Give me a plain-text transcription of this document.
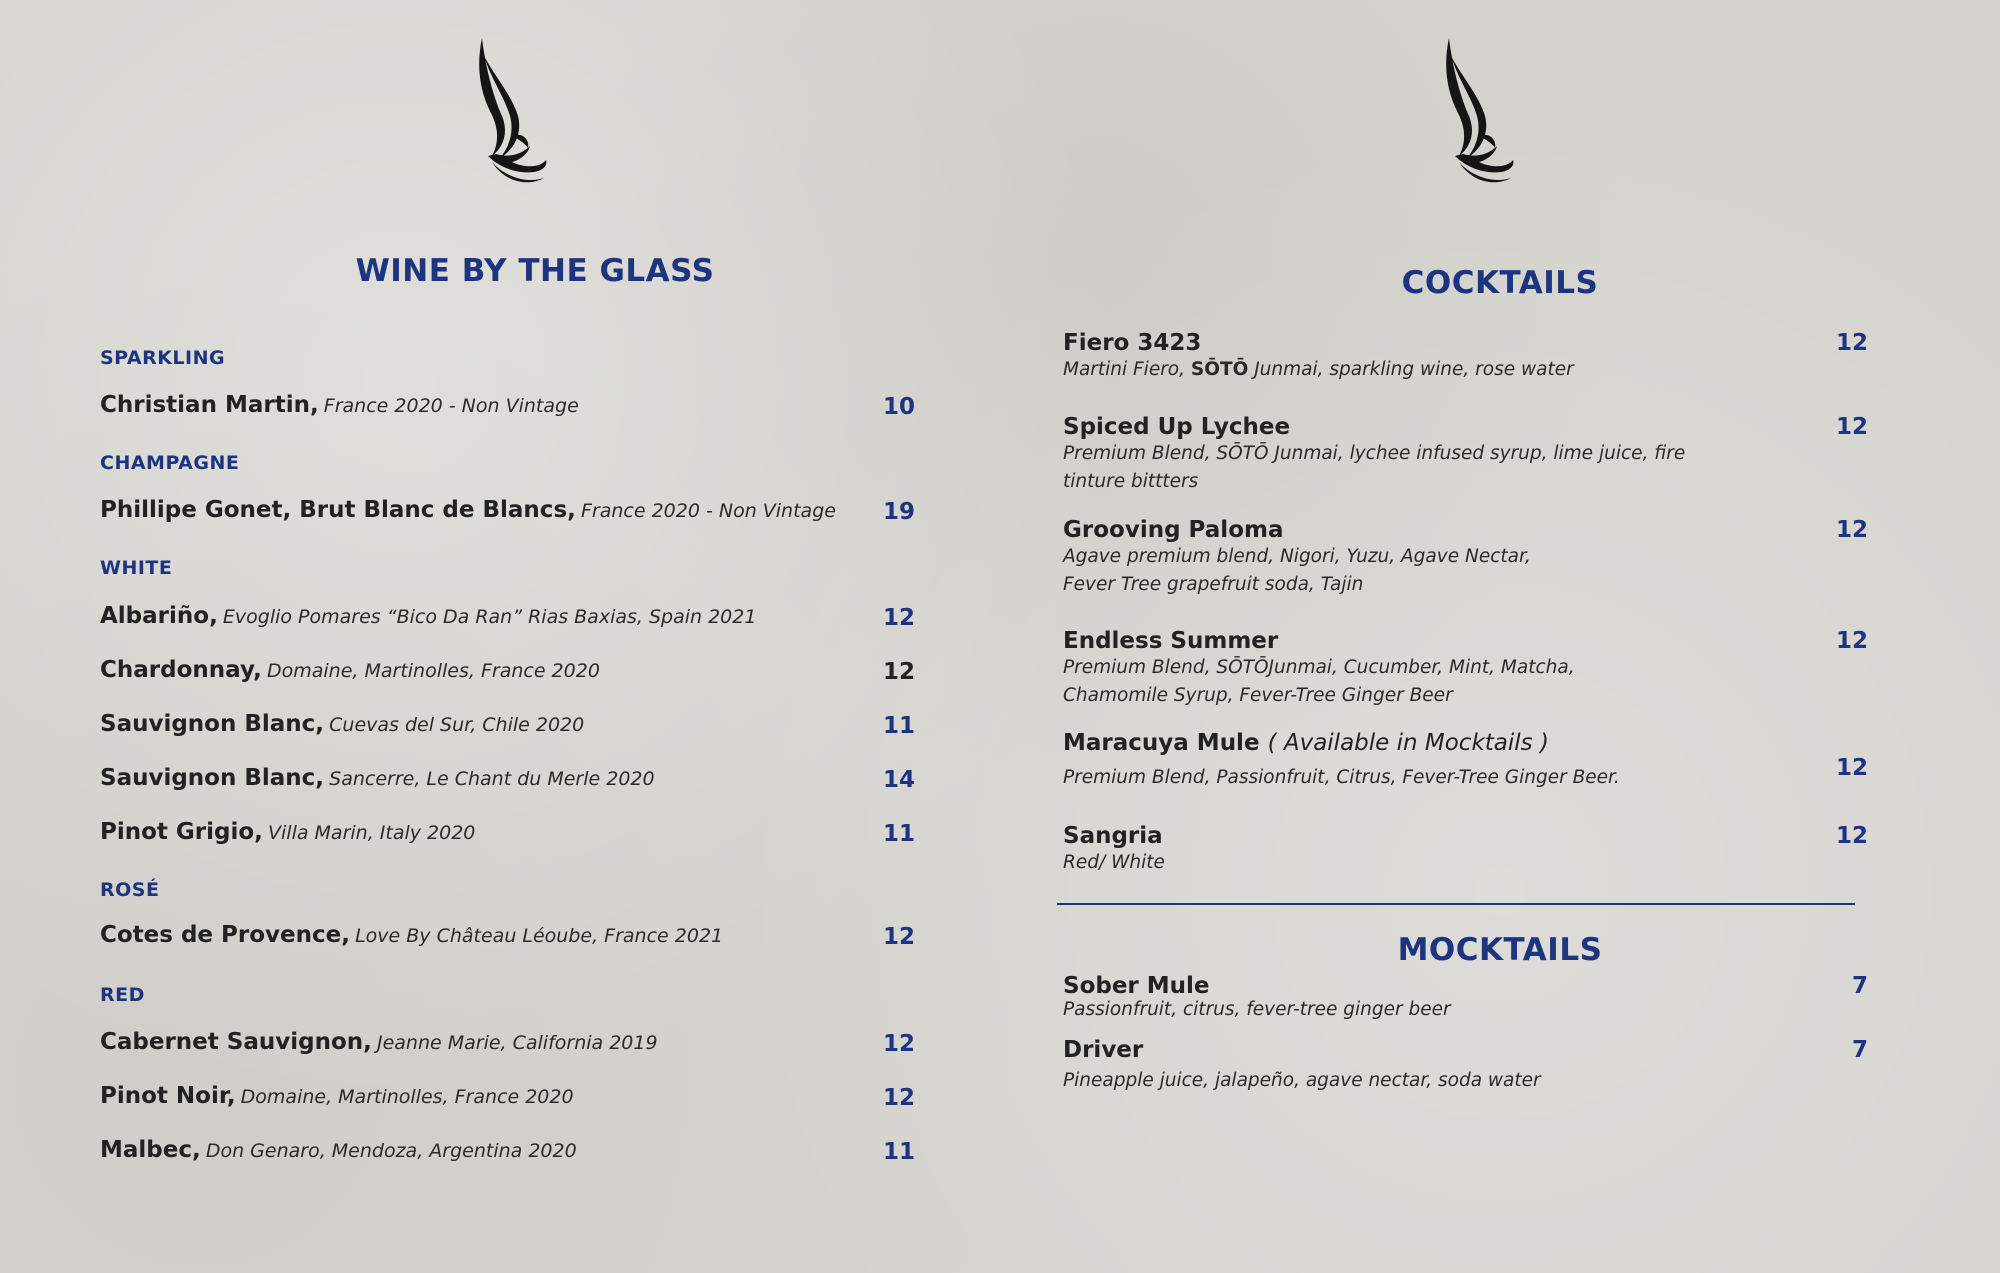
WINE BY THE GLASS
SPARKLING
Christian Martin, France 2020 - Non Vintage	10
CHAMPAGNE
Phillipe Gonet, Brut Blanc de Blancs, France 2020 - Non Vintage 19
WHITE
Albariño, Evoglio Pomares “Bico Da Ran” Rias Baxias, Spain 2021	12
Chardonnay, Domaine, Martinolles, France 2020	12
Sauvignon Blanc, Cuevas del Sur, Chile 2020	11
Sauvignon Blanc, Sancerre, Le Chant du Merle 2020	14
Pinot Grigio, Villa Marin, Italy 2020	11
ROSÉ
Cotes de Provence, Love By Château Léoube, France 2021	12
RED
Cabernet Sauvignon, Jeanne Marie, California 2019	12
Pinot Noir, Domaine, Martinolles, France 2020	12
Malbec, Don Genaro, Mendoza, Argentina 2020	11
COCKTAILS
Fiero 3423
Martini Fiero, SŌTŌ Junmai, sparkling wine, rose water
12
Spiced Up Lychee
Premium Blend, SŌTŌ Junmai, lychee infused syrup, lime juice, fire
tinture bittters
12
Grooving Paloma
Agave premium blend, Nigori, Yuzu, Agave Nectar,
Fever Tree grapefruit soda, Tajin
12
Endless Summer
Premium Blend, SŌTŌJunmai, Cucumber, Mint, Matcha,
Chamomile Syrup, Fever-Tree Ginger Beer
12
Maracuya Mule ( Available in Mocktails )
Premium Blend, Passionfruit, Citrus, Fever-Tree Ginger Beer.	12
Sangria
Red/ White
12
MOCKTAILS
Sober Mule
Passionfruit, citrus, fever-tree ginger beer
7
Driver
Pineapple juice, jalapeño, agave nectar, soda water
7
